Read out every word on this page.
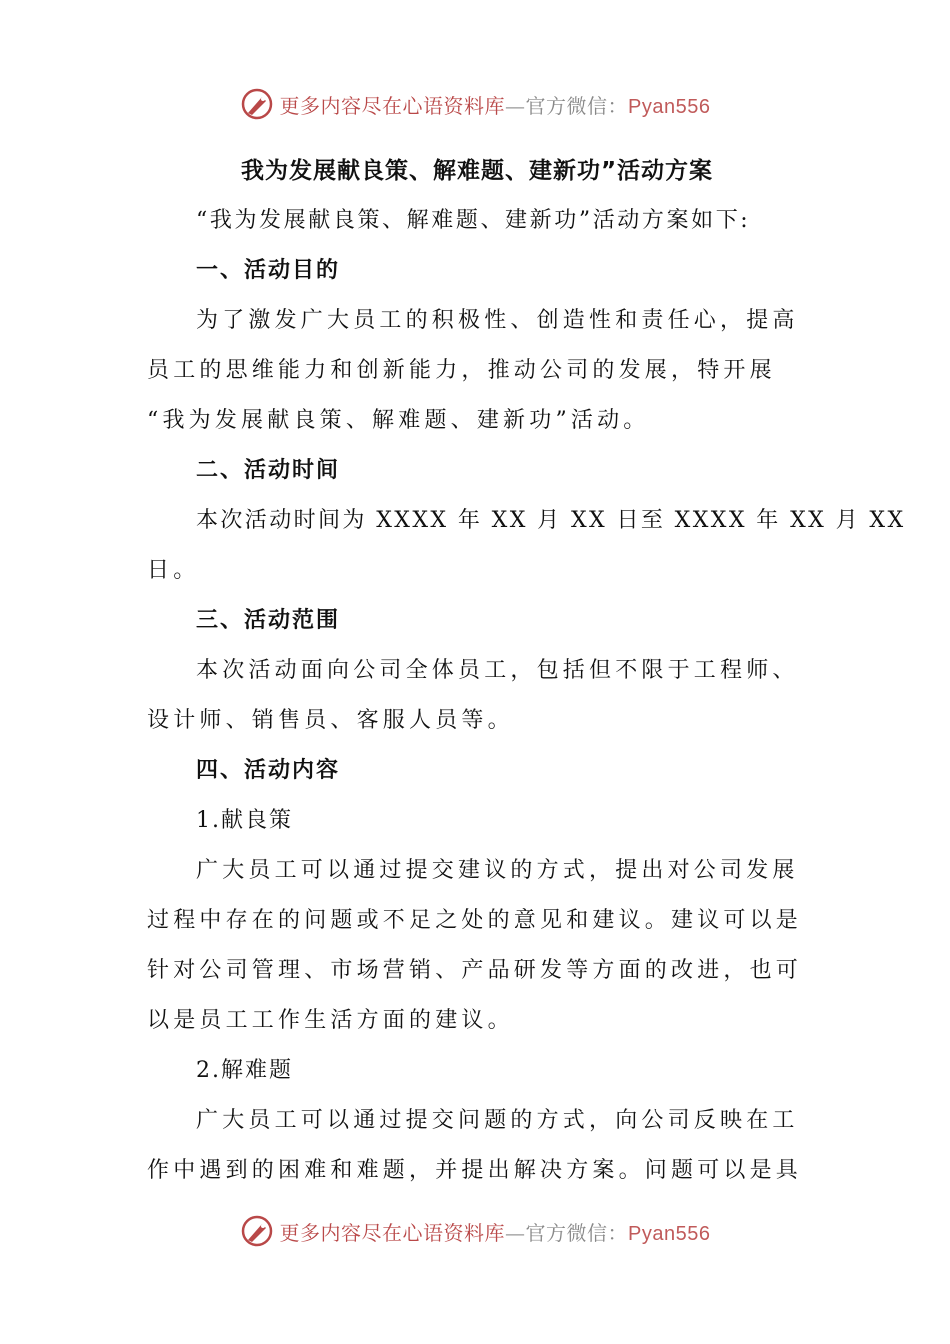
更多内容尽在心语资料库—官方微信：Pyan556

我为发展献良策、解难题、建新功”活动方案

“我为发展献良策、解难题、建新功”活动方案如下:

一、活动目的

为了激发广大员工的积极性、创造性和责任心，提高

员工的思维能力和创新能力，推动公司的发展，特开展

“我为发展献良策、解难题、建新功”活动。

二、活动时间

本次活动时间为 XXXX 年 XX 月 XX 日至 XXXX 年 XX 月 XX

日。

三、活动范围

本次活动面向公司全体员工，包括但不限于工程师、

设计师、销售员、客服人员等。

四、活动内容

1.献良策

广大员工可以通过提交建议的方式，提出对公司发展

过程中存在的问题或不足之处的意见和建议。建议可以是

针对公司管理、市场营销、产品研发等方面的改进，也可

以是员工工作生活方面的建议。

2.解难题

广大员工可以通过提交问题的方式，向公司反映在工

作中遇到的困难和难题，并提出解决方案。问题可以是具

更多内容尽在心语资料库—官方微信：Pyan556
